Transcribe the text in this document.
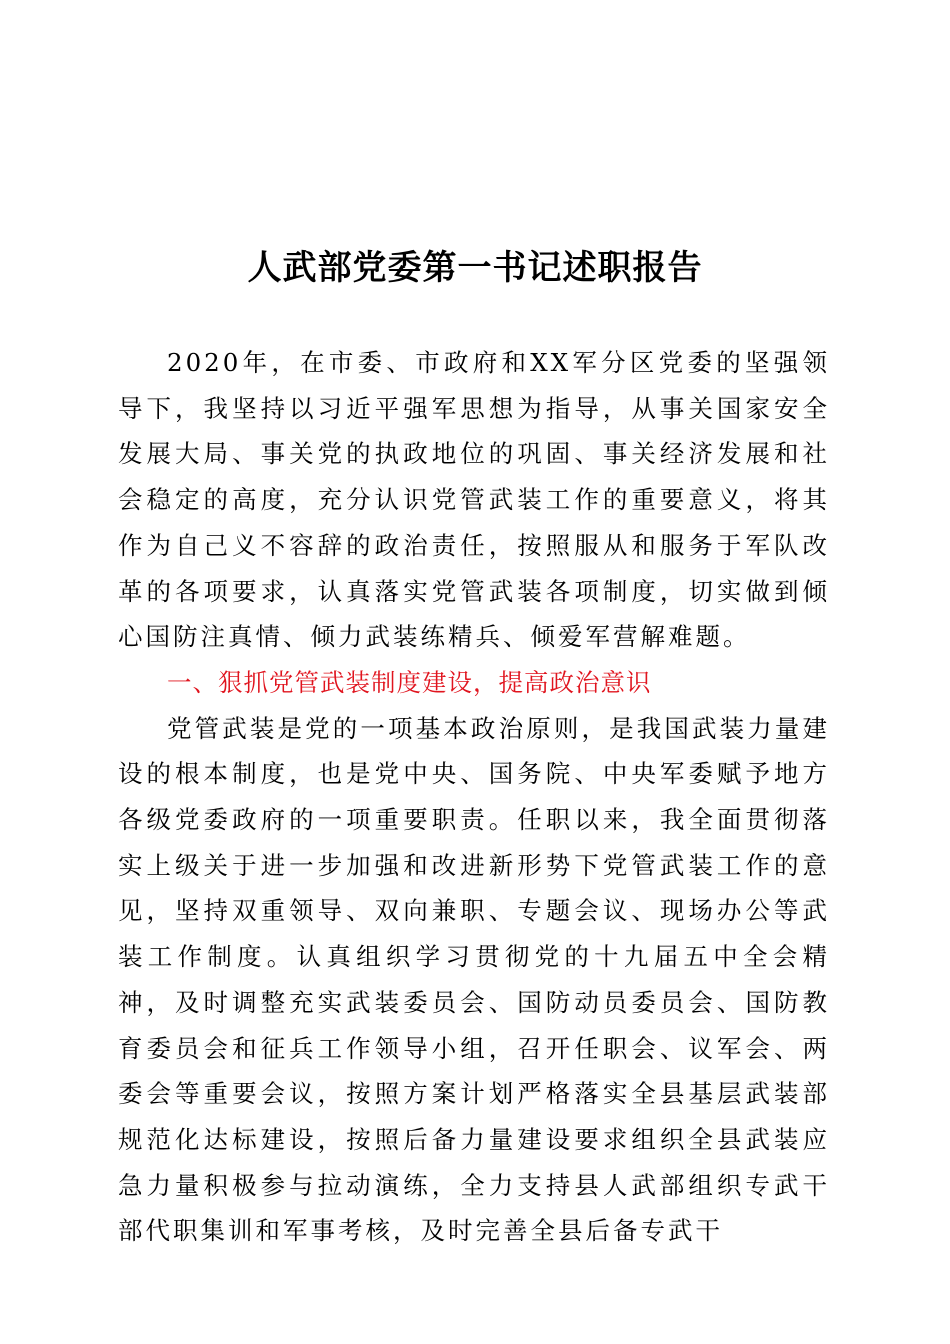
人武部党委第一书记述职报告

2020年，在市委、市政府和XX军分区党委的坚强领导下，我坚持以习近平强军思想为指导，从事关国家安全发展大局、事关党的执政地位的巩固、事关经济发展和社会稳定的高度，充分认识党管武装工作的重要意义，将其作为自己义不容辞的政治责任，按照服从和服务于军队改革的各项要求，认真落实党管武装各项制度，切实做到倾心国防注真情、倾力武装练精兵、倾爱军营解难题。

一、狠抓党管武装制度建设，提高政治意识

党管武装是党的一项基本政治原则，是我国武装力量建设的根本制度，也是党中央、国务院、中央军委赋予地方各级党委政府的一项重要职责。任职以来，我全面贯彻落实上级关于进一步加强和改进新形势下党管武装工作的意见，坚持双重领导、双向兼职、专题会议、现场办公等武装工作制度。认真组织学习贯彻党的十九届五中全会精神，及时调整充实武装委员会、国防动员委员会、国防教育委员会和征兵工作领导小组，召开任职会、议军会、两委会等重要会议，按照方案计划严格落实全县基层武装部规范化达标建设，按照后备力量建设要求组织全县武装应急力量积极参与拉动演练，全力支持县人武部组织专武干部代职集训和军事考核，及时完善全县后备专武干
